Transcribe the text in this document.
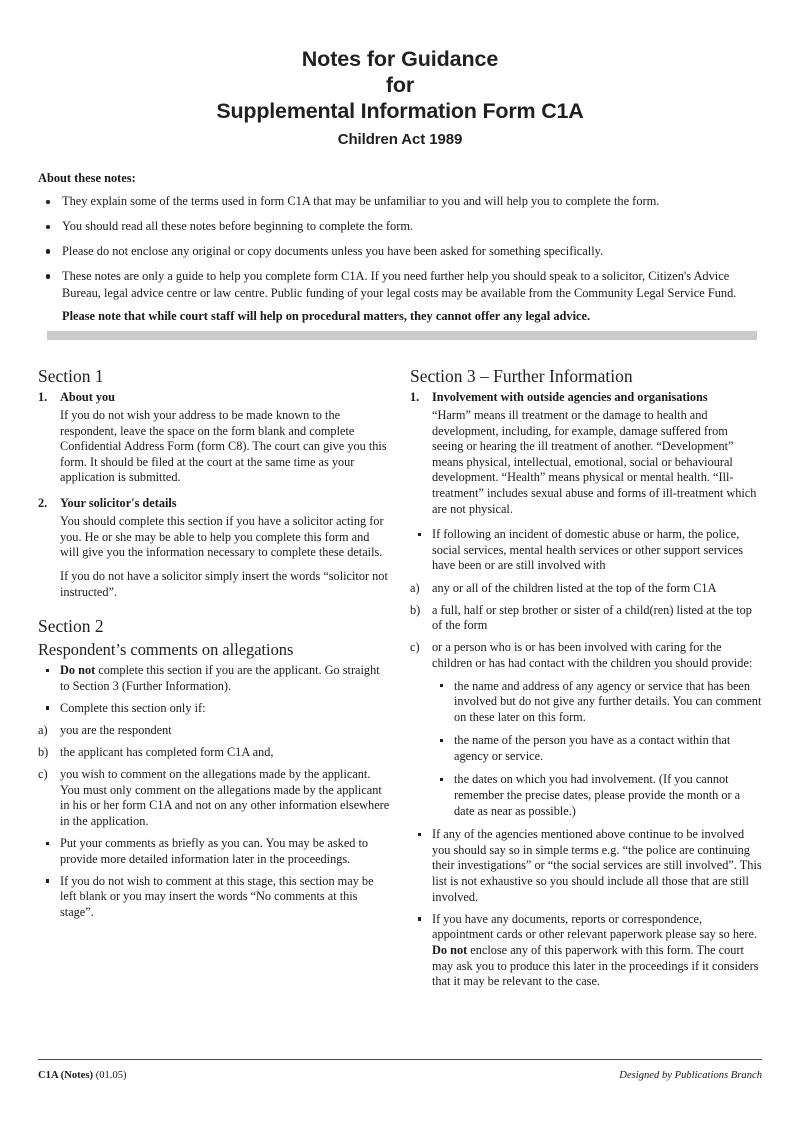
Notes for Guidance
for
Supplemental Information Form C1A
Children Act 1989
About these notes:
They explain some of the terms used in form C1A that may be unfamiliar to you and will help you to complete the form.
You should read all these notes before beginning to complete the form.
Please do not enclose any original or copy documents unless you have been asked for something specifically.
These notes are only a guide to help you complete form C1A. If you need further help you should speak to a solicitor, Citizen's Advice Bureau, legal advice centre or law centre. Public funding of your legal costs may be available from the Community Legal Service Fund.
Please note that while court staff will help on procedural matters, they cannot offer any legal advice.
Section 1
1. About you
If you do not wish your address to be made known to the respondent, leave the space on the form blank and complete Confidential Address Form (form C8). The court can give you this form. It should be filed at the court at the same time as your application is submitted.
2. Your solicitor's details
You should complete this section if you have a solicitor acting for you. He or she may be able to help you complete this form and will give you the information necessary to complete these details.
If you do not have a solicitor simply insert the words “solicitor not instructed”.
Section 2
Respondent’s comments on allegations
Do not complete this section if you are the applicant. Go straight to Section 3 (Further Information).
Complete this section only if:
a) you are the respondent
b) the applicant has completed form C1A and,
c) you wish to comment on the allegations made by the applicant. You must only comment on the allegations made by the applicant in his or her form C1A and not on any other information elsewhere in the application.
Put your comments as briefly as you can. You may be asked to provide more detailed information later in the proceedings.
If you do not wish to comment at this stage, this section may be left blank or you may insert the words “No comments at this stage”.
Section 3 – Further Information
1. Involvement with outside agencies and organisations
“Harm” means ill treatment or the damage to health and development, including, for example, damage suffered from seeing or hearing the ill treatment of another. “Development” means physical, intellectual, emotional, social or behavioural development. “Health” means physical or mental health. “Ill-treatment” includes sexual abuse and forms of ill-treatment which are not physical.
If following an incident of domestic abuse or harm, the police, social services, mental health services or other support services have been or are still involved with
a) any or all of the children listed at the top of the form C1A
b) a full, half or step brother or sister of a child(ren) listed at the top of the form
c) or a person who is or has been involved with caring for the children or has had contact with the children you should provide:
the name and address of any agency or service that has been involved but do not give any further details. You can comment on these later on this form.
the name of the person you have as a contact within that agency or service.
the dates on which you had involvement. (If you cannot remember the precise dates, please provide the month or a date as near as possible.)
If any of the agencies mentioned above continue to be involved you should say so in simple terms e.g. “the police are continuing their investigations” or “the social services are still involved”. This list is not exhaustive so you should include all those that are still involved.
If you have any documents, reports or correspondence, appointment cards or other relevant paperwork please say so here. Do not enclose any of this paperwork with this form. The court may ask you to produce this later in the proceedings if it considers that it may be relevant to the case.
C1A (Notes) (01.05)	Designed by Publications Branch
